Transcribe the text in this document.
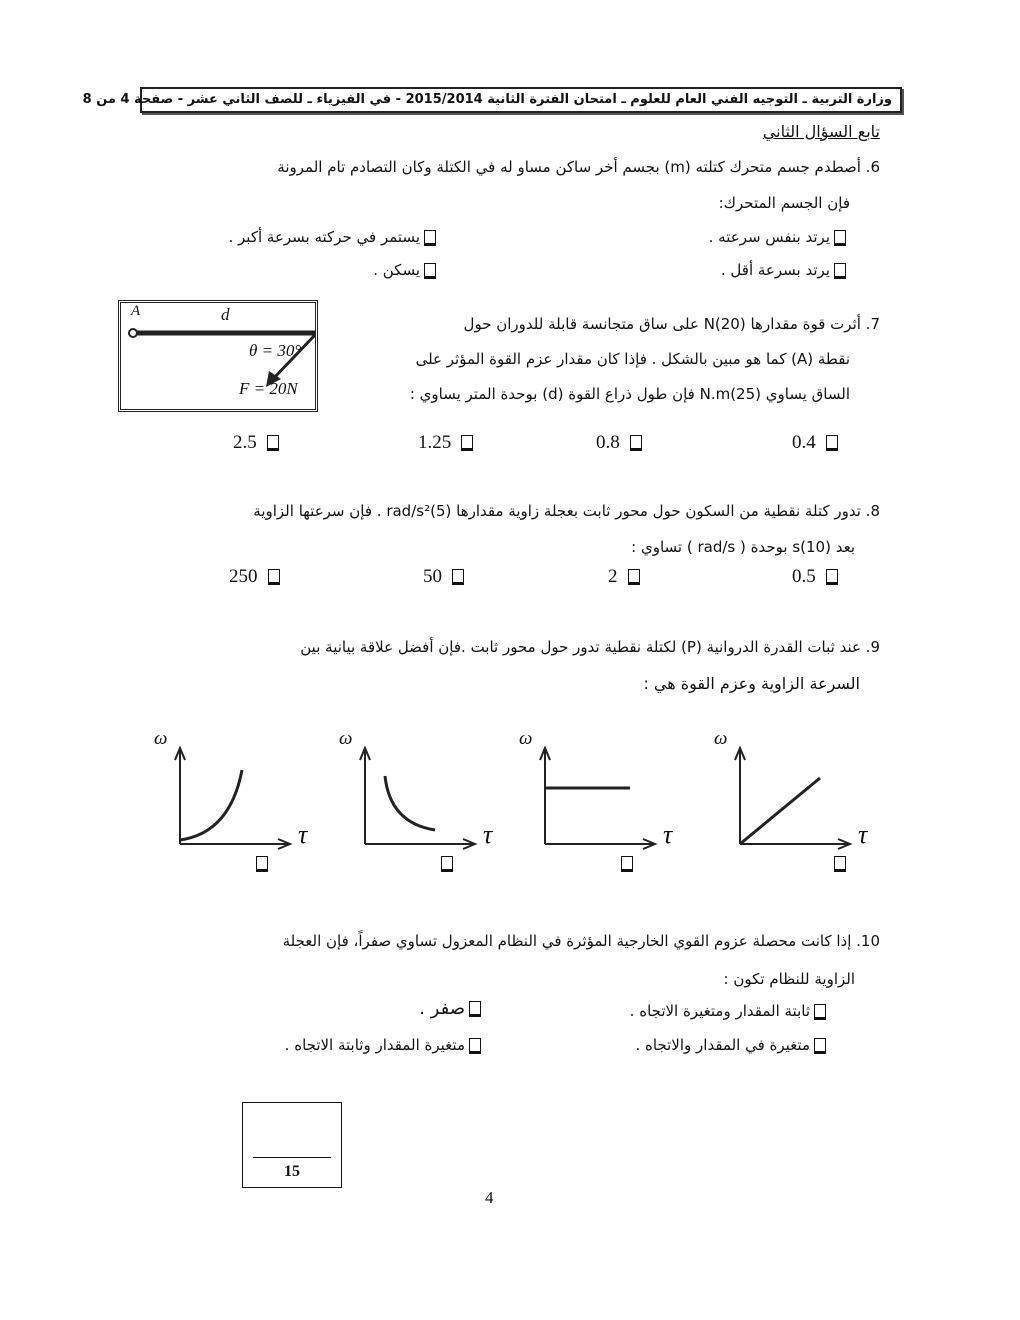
وزارة التربية ـ التوجيه الفني العام للعلوم ـ امتحان الفترة الثانية 2015/2014 - في الفيزياء ـ للصف الثاني عشر - صفحة 4 من 8
تابع السؤال الثاني
6. أصطدم جسم متحرك كتلته (m) بجسم أخر ساكن مساو له في الكتلة وكان التصادم تام المرونة
فإن الجسم المتحرك:
يرتد بنفس سرعته .
يستمر في حركته بسرعة أكبر .
يرتد بسرعة أقل .
يسكن .
A	d
θ = 30°
F = 20N
7. أثرت قوة مقدارها N(20) على ساق متجانسة قابلة للدوران حول
نقطة (A) كما هو مبين بالشكل . فإذا كان مقدار عزم القوة المؤثر على
الساق يساوي N.m(25) فإن طول ذراع القوة (d) بوحدة المتر يساوي :
0.4
0.8
1.25
2.5
8. تدور كتلة نقطية من السكون حول محور ثابت بعجلة زاوية مقدارها (5)rad/s² . فإن سرعتها الزاوية
بعد s(10) بوحدة ( rad/s ) تساوي :
0.5
2
50
250
9. عند ثبات القدرة الدروانية (P) لكتلة نقطية تدور حول محور ثابت .فإن أفضل علاقة بيانية بين
السرعة الزاوية وعزم القوة هي :
ω
τ
ω
τ
ω
τ
ω
τ
10. إذا كانت محصلة عزوم القوي الخارجية المؤثرة في النظام المعزول تساوي صفراً، فإن العجلة
الزاوية للنظام تكون :
ثابتة المقدار ومتغيرة الاتجاه .
صفر .
متغيرة في المقدار والاتجاه .
متغيرة المقدار وثابتة الاتجاه .
15
4
